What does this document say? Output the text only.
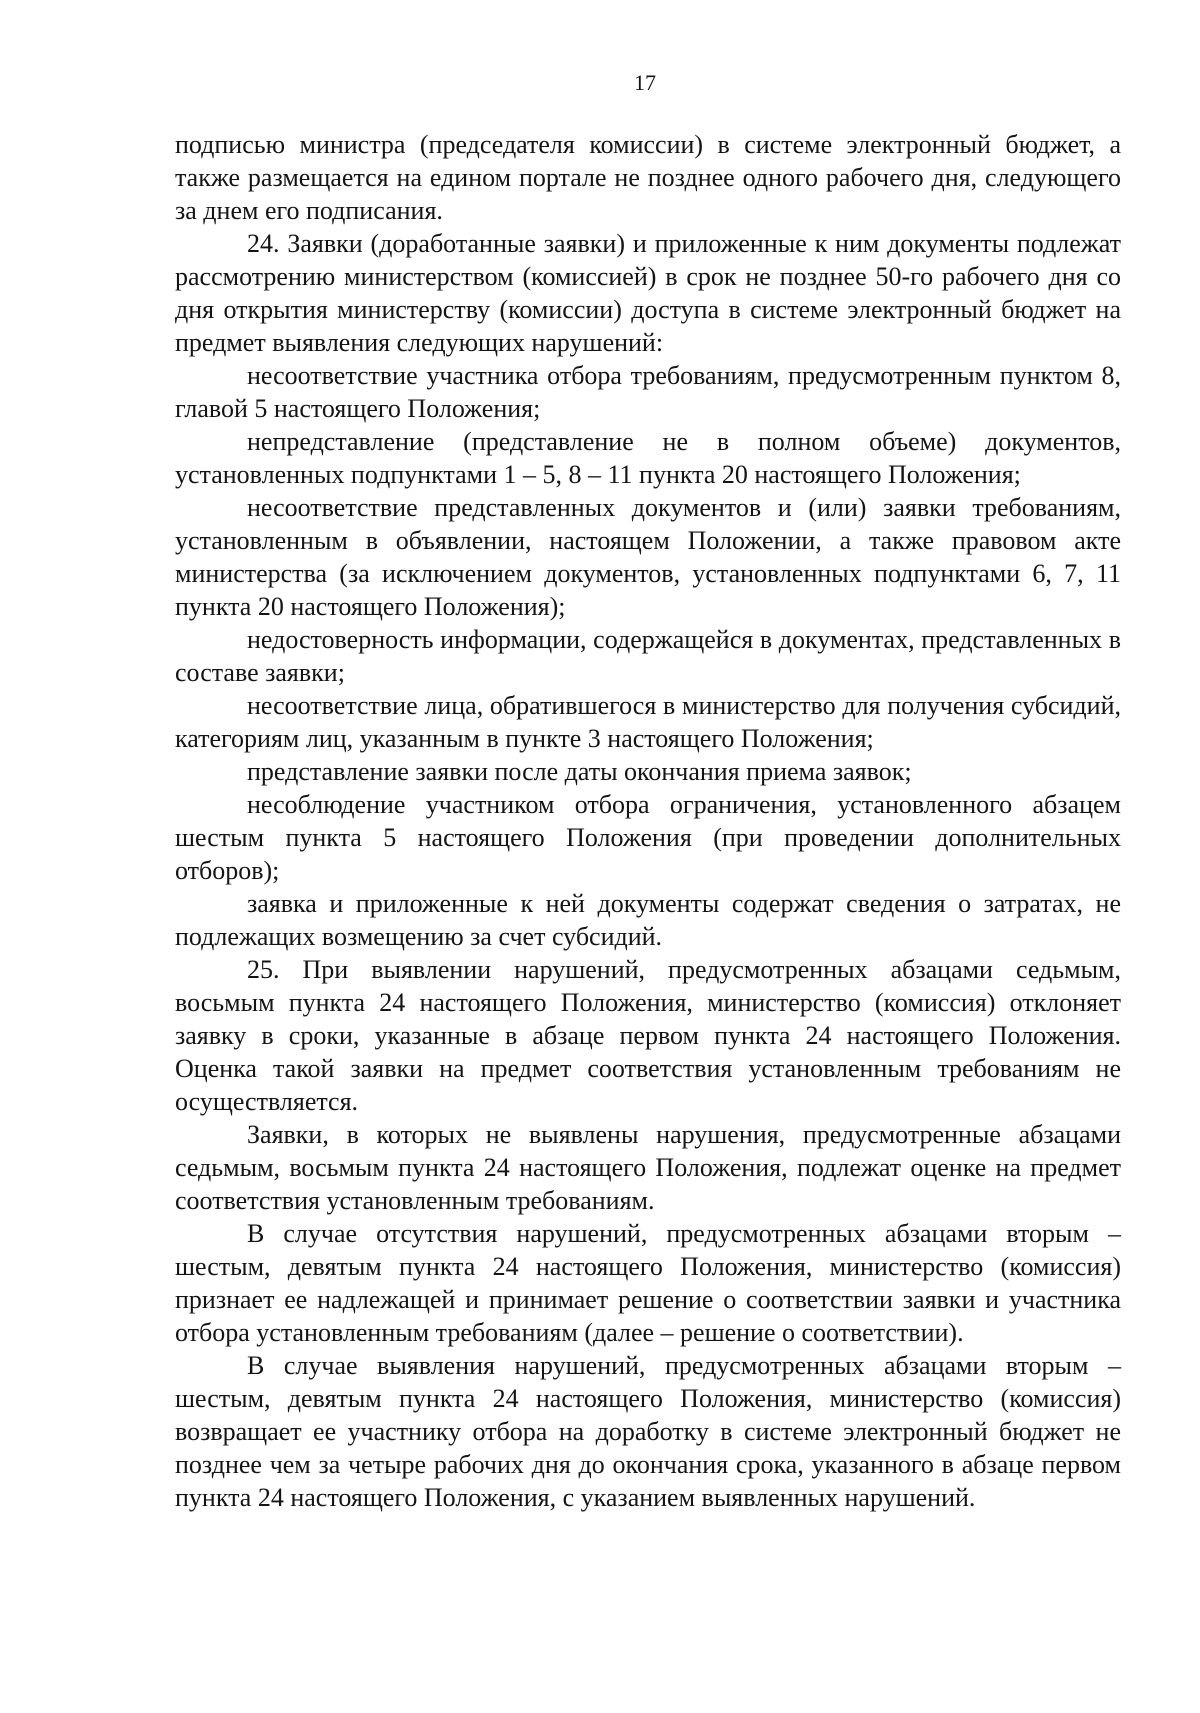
17

подписью министра (председателя комиссии) в системе электронный бюджет, а также размещается на едином портале не позднее одного рабочего дня, следующего за днем его подписания.

24. Заявки (доработанные заявки) и приложенные к ним документы подлежат рассмотрению министерством (комиссией) в срок не позднее 50-го рабочего дня со дня открытия министерству (комиссии) доступа в системе электронный бюджет на предмет выявления следующих нарушений:

несоответствие участника отбора требованиям, предусмотренным пунктом 8, главой 5 настоящего Положения;

непредставление (представление не в полном объеме) документов, установленных подпунктами 1 – 5, 8 – 11 пункта 20 настоящего Положения;

несоответствие представленных документов и (или) заявки требованиям, установленным в объявлении, настоящем Положении, а также правовом акте министерства (за исключением документов, установленных подпунктами 6, 7, 11 пункта 20 настоящего Положения);

недостоверность информации, содержащейся в документах, представленных в составе заявки;

несоответствие лица, обратившегося в министерство для получения субсидий, категориям лиц, указанным в пункте 3 настоящего Положения;

представление заявки после даты окончания приема заявок;

несоблюдение участником отбора ограничения, установленного абзацем шестым пункта 5 настоящего Положения (при проведении дополнительных отборов);

заявка и приложенные к ней документы содержат сведения о затратах, не подлежащих возмещению за счет субсидий.

25. При выявлении нарушений, предусмотренных абзацами седьмым, восьмым пункта 24 настоящего Положения, министерство (комиссия) отклоняет заявку в сроки, указанные в абзаце первом пункта 24 настоящего Положения. Оценка такой заявки на предмет соответствия установленным требованиям не осуществляется.

Заявки, в которых не выявлены нарушения, предусмотренные абзацами седьмым, восьмым пункта 24 настоящего Положения, подлежат оценке на предмет соответствия установленным требованиям.

В случае отсутствия нарушений, предусмотренных абзацами вторым – шестым, девятым пункта 24 настоящего Положения, министерство (комиссия) признает ее надлежащей и принимает решение о соответствии заявки и участника отбора установленным требованиям (далее – решение о соответствии).

В случае выявления нарушений, предусмотренных абзацами вторым – шестым, девятым пункта 24 настоящего Положения, министерство (комиссия) возвращает ее участнику отбора на доработку в системе электронный бюджет не позднее чем за четыре рабочих дня до окончания срока, указанного в абзаце первом пункта 24 настоящего Положения, с указанием выявленных нарушений.
